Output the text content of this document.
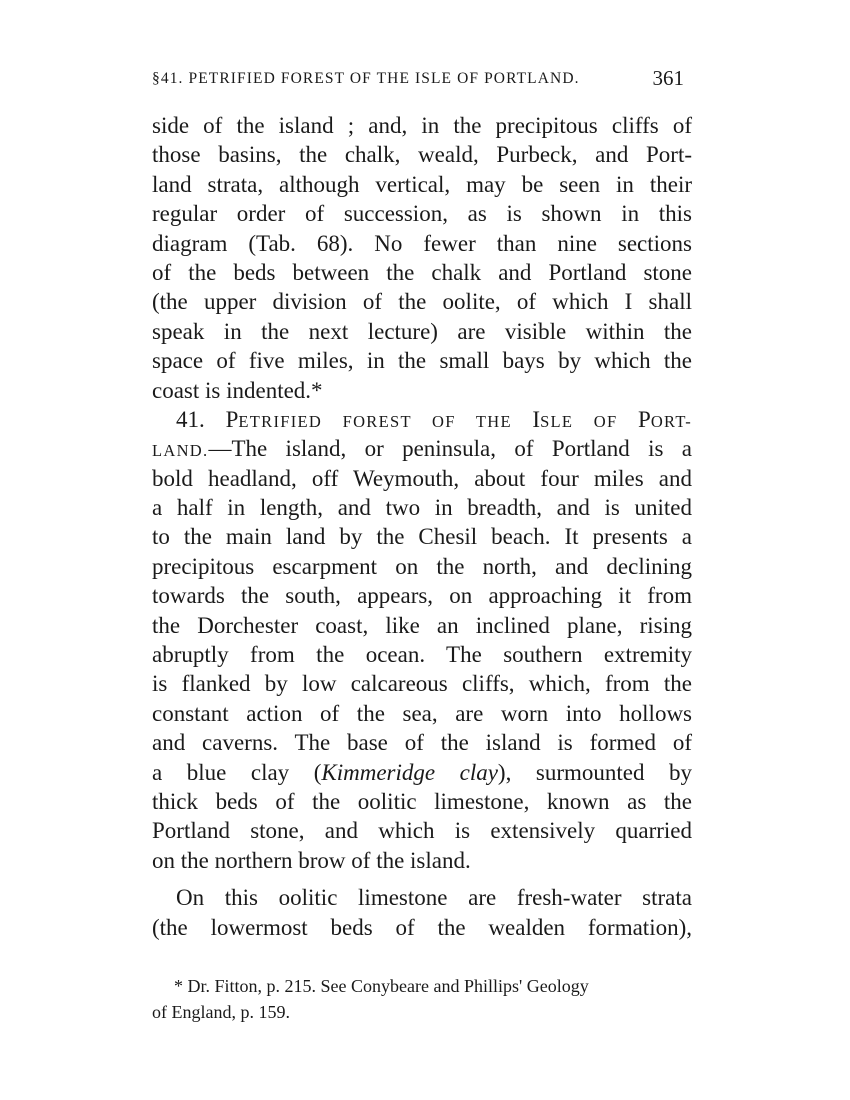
§41. PETRIFIED FOREST OF THE ISLE OF PORTLAND.	361
side of the island ; and, in the precipitous cliffs of
those basins, the chalk, weald, Purbeck, and Port-
land strata, although vertical, may be seen in their
regular order of succession, as is shown in this
diagram (Tab. 68). No fewer than nine sections
of the beds between the chalk and Portland stone
(the upper division of the oolite, of which I shall
speak in the next lecture) are visible within the
space of five miles, in the small bays by which the
coast is indented.*
41. PETRIFIED FOREST OF THE ISLE OF PORT-
LAND.—The island, or peninsula, of Portland is a
bold headland, off Weymouth, about four miles and
a half in length, and two in breadth, and is united
to the main land by the Chesil beach. It presents a
precipitous escarpment on the north, and declining
towards the south, appears, on approaching it from
the Dorchester coast, like an inclined plane, rising
abruptly from the ocean. The southern extremity
is flanked by low calcareous cliffs, which, from the
constant action of the sea, are worn into hollows
and caverns. The base of the island is formed of
a blue clay (Kimmeridge clay), surmounted by
thick beds of the oolitic limestone, known as the
Portland stone, and which is extensively quarried
on the northern brow of the island.
On this oolitic limestone are fresh-water strata
(the lowermost beds of the wealden formation),
* Dr. Fitton, p. 215. See Conybeare and Phillips' Geology
of England, p. 159.
